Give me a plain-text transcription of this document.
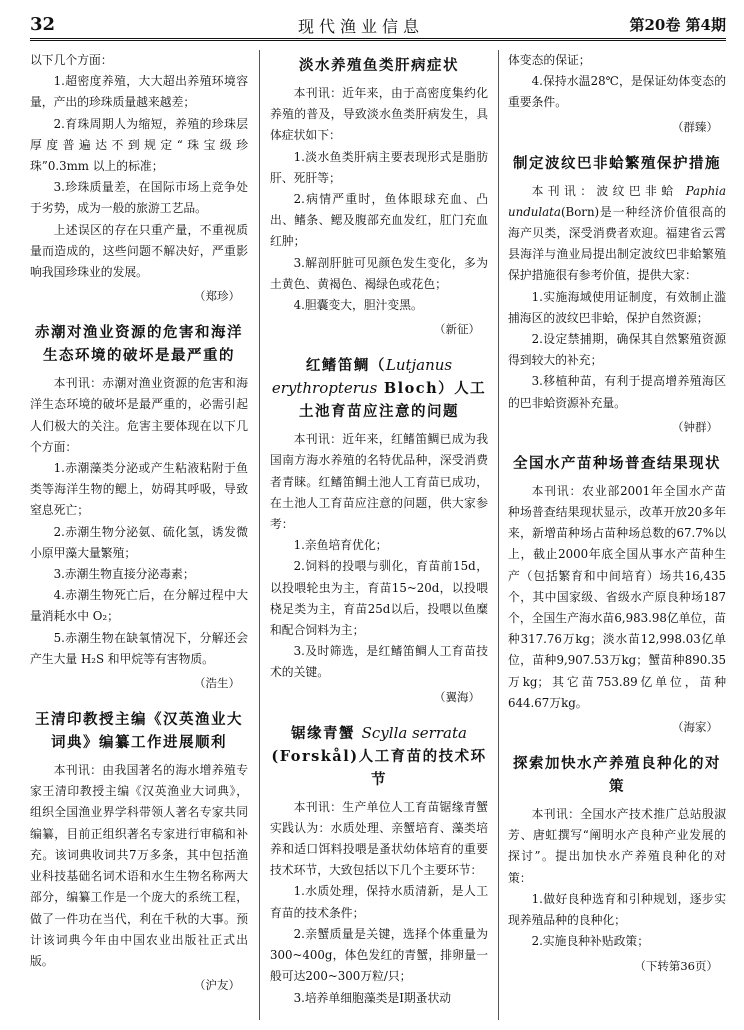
32	现代渔业信息	第20卷 第4期

以下几个方面：

1.超密度养殖，大大超出养殖环境容量，产出的珍珠质量越来越差；

2.育珠周期人为缩短，养殖的珍珠层厚度普遍达不到规定“珠宝级珍珠”0.3mm 以上的标准；

3.珍珠质量差，在国际市场上竞争处于劣势，成为一般的旅游工艺品。

上述误区的存在只重产量，不重视质量而造成的，这些问题不解决好，严重影响我国珍珠业的发展。

（郑珍）
赤潮对渔业资源的危害和海洋生态环境的破坏是最严重的

本刊讯：赤潮对渔业资源的危害和海洋生态环境的破坏是最严重的，必需引起人们极大的关注。危害主要体现在以下几个方面：

1.赤潮藻类分泌或产生粘液粘附于鱼类等海洋生物的鳃上，妨碍其呼吸，导致窒息死亡；

2.赤潮生物分泌氨、硫化氢，诱发微小原甲藻大量繁殖；

3.赤潮生物直接分泌毒素；

4.赤潮生物死亡后，在分解过程中大量消耗水中 O₂；

5.赤潮生物在缺氧情况下，分解还会产生大量 H₂S 和甲烷等有害物质。

（浩生）
王清印教授主编《汉英渔业大词典》编纂工作进展顺利

本刊讯：由我国著名的海水增养殖专家王清印教授主编《汉英渔业大词典》，组织全国渔业界学科带领人著名专家共同编纂，目前正组织著名专家进行审稿和补充。该词典收词共7万多条，其中包括渔业科技基础名词术语和水生生物名称两大部分，编纂工作是一个庞大的系统工程，做了一件功在当代，利在千秋的大事。预计该词典今年由中国农业出版社正式出版。

（沪友）
淡水养殖鱼类肝病症状

本刊讯：近年来，由于高密度集约化养殖的普及，导致淡水鱼类肝病发生，具体症状如下：

1.淡水鱼类肝病主要表现形式是脂肪肝、死肝等；

2.病情严重时，鱼体眼球充血、凸出、鳍条、鳃及腹部充血发红，肛门充血红肿；

3.解剖肝脏可见颜色发生变化，多为土黄色、黄褐色、褐绿色或花色；

4.胆囊变大，胆汁变黑。

（新征）
红鳍笛鲷（Lutjanus erythropterus Bloch）人工土池育苗应注意的问题

本刊讯：近年来，红鳍笛鲷已成为我国南方海水养殖的名特优品种，深受消费者青睐。红鳍笛鲷土池人工育苗已成功，在土池人工育苗应注意的问题，供大家参考：

1.亲鱼培育优化；

2.饲料的投喂与驯化，育苗前15d，以投喂轮虫为主，育苗15~20d，以投喂桡足类为主，育苗25d以后，投喂以鱼糜和配合饲料为主；

3.及时筛选，是红鳍笛鲷人工育苗技术的关键。

（翼海）
锯缘青蟹 Scylla serrata
(Forskål)人工育苗的技术环节

本刊讯：生产单位人工育苗锯缘青蟹实践认为：水质处理、亲蟹培育、藻类培养和适口饵料投喂是蚤状幼体培育的重要技术环节，大致包括以下几个主要环节：

1.水质处理，保持水质清新，是人工育苗的技术条件；

2.亲蟹质量是关键，选择个体重量为300~400g，体色发红的青蟹，排卵量一般可达200~300万粒/只；

3.培养单细胞藻类是Ⅰ期蚤状动

体变态的保证；

4.保持水温28℃，是保证幼体变态的重要条件。

（群臻）
制定波纹巴非蛤繁殖保护措施

本刊讯：波纹巴非蛤 Paphia undulata(Born)是一种经济价值很高的海产贝类，深受消费者欢迎。福建省云霄县海洋与渔业局提出制定波纹巴非蛤繁殖保护措施很有参考价值，提供大家：

1.实施海域使用证制度，有效制止滥捕海区的波纹巴非蛤，保护自然资源；

2.设定禁捕期，确保其自然繁殖资源得到较大的补充；

3.移植种苗，有利于提高增养殖海区的巴非蛤资源补充量。

（钟群）
全国水产苗种场普查结果现状

本刊讯：农业部2001年全国水产苗种场普查结果现状显示，改革开放20多年来，新增苗种场占苗种场总数的67.7%以上，截止2000年底全国从事水产苗种生产（包括繁育和中间培育）场共16,435个，其中国家级、省级水产原良种场187个，全国生产海水苗6,983.98亿单位，苗种317.76万kg；淡水苗12,998.03亿单位，苗种9,907.53万kg；蟹苗种890.35万kg；其它苗753.89亿单位，苗种644.67万kg。

（海家）
探索加快水产养殖良种化的对策

本刊讯：全国水产技术推广总站殷淑芳、唐虹撰写“阐明水产良种产业发展的探讨”。提出加快水产养殖良种化的对策：

1.做好良种选育和引种规划，逐步实现养殖品种的良种化；

2.实施良种补贴政策；

（下转第36页）
